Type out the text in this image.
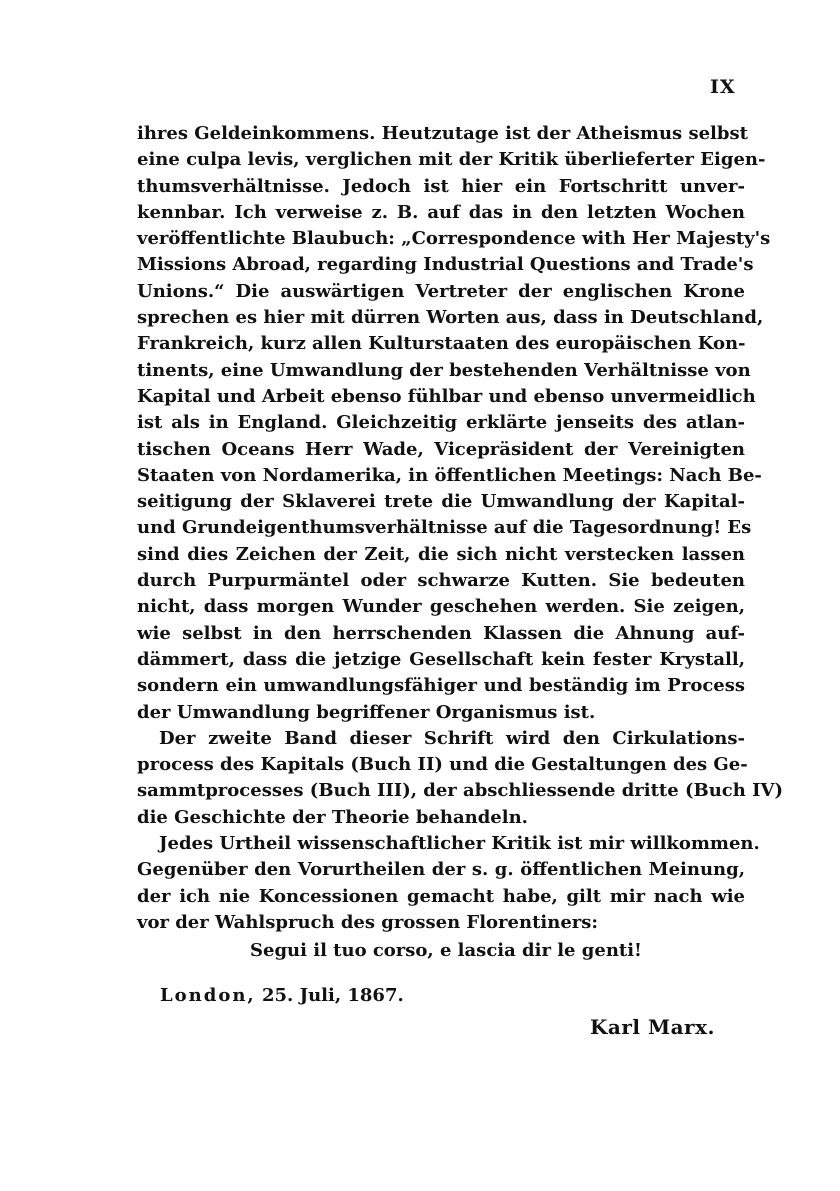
IX
ihres Geldeinkommens. Heutzutage ist der Atheismus selbst
eine culpa levis, verglichen mit der Kritik überlieferter Eigen-
thumsverhältnisse. Jedoch ist hier ein Fortschritt unver-
kennbar. Ich verweise z. B. auf das in den letzten Wochen
veröffentlichte Blaubuch: „Correspondence with Her Majesty's
Missions Abroad, regarding Industrial Questions and Trade's
Unions.“ Die auswärtigen Vertreter der englischen Krone
sprechen es hier mit dürren Worten aus, dass in Deutschland,
Frankreich, kurz allen Kulturstaaten des europäischen Kon-
tinents, eine Umwandlung der bestehenden Verhältnisse von
Kapital und Arbeit ebenso fühlbar und ebenso unvermeidlich
ist als in England. Gleichzeitig erklärte jenseits des atlan-
tischen Oceans Herr Wade, Vicepräsident der Vereinigten
Staaten von Nordamerika, in öffentlichen Meetings: Nach Be-
seitigung der Sklaverei trete die Umwandlung der Kapital-
und Grundeigenthumsverhältnisse auf die Tagesordnung! Es
sind dies Zeichen der Zeit, die sich nicht verstecken lassen
durch Purpurmäntel oder schwarze Kutten. Sie bedeuten
nicht, dass morgen Wunder geschehen werden. Sie zeigen,
wie selbst in den herrschenden Klassen die Ahnung auf-
dämmert, dass die jetzige Gesellschaft kein fester Krystall,
sondern ein umwandlungsfähiger und beständig im Process
der Umwandlung begriffener Organismus ist.
Der zweite Band dieser Schrift wird den Cirkulations-
process des Kapitals (Buch II) und die Gestaltungen des Ge-
sammtprocesses (Buch III), der abschliessende dritte (Buch IV)
die Geschichte der Theorie behandeln.
Jedes Urtheil wissenschaftlicher Kritik ist mir willkommen.
Gegenüber den Vorurtheilen der s. g. öffentlichen Meinung,
der ich nie Koncessionen gemacht habe, gilt mir nach wie
vor der Wahlspruch des grossen Florentiners:
Segui il tuo corso, e lascia dir le genti!
London, 25. Juli, 1867.
Karl Marx.
